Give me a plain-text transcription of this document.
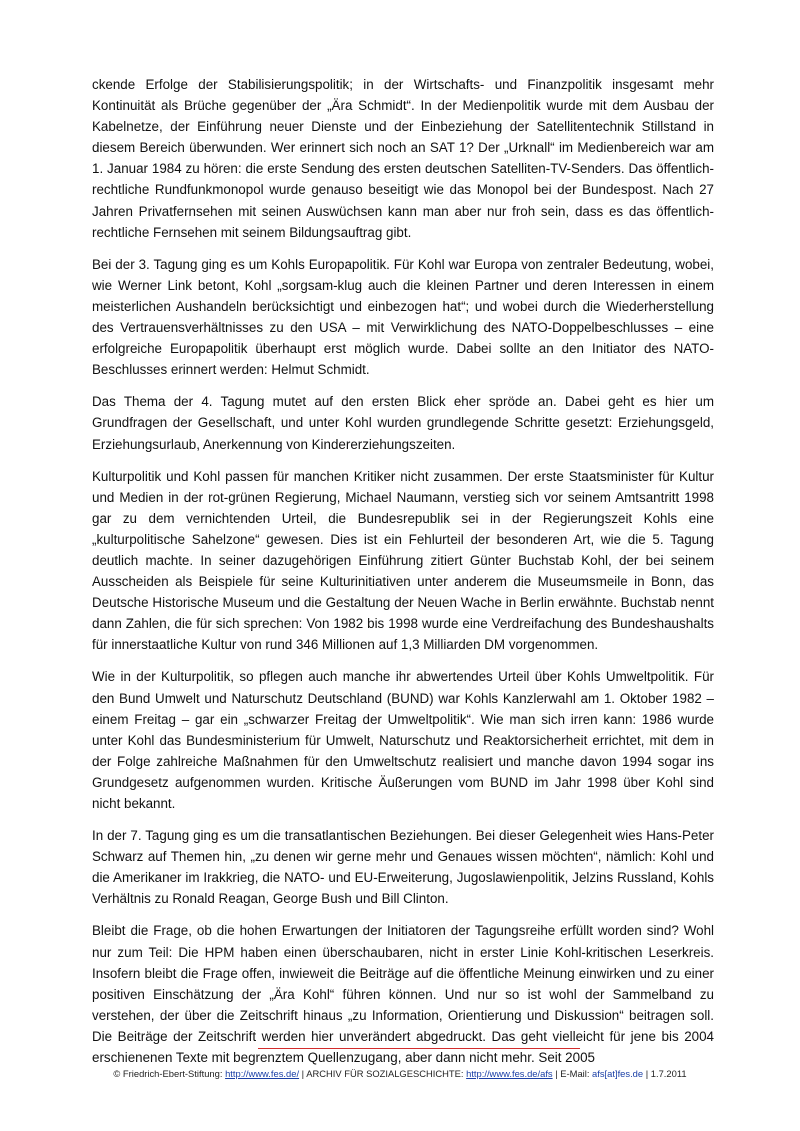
ckende Erfolge der Stabilisierungspolitik; in der Wirtschafts- und Finanzpolitik insgesamt mehr Kontinuität als Brüche gegenüber der „Ära Schmidt“. In der Medienpolitik wurde mit dem Ausbau der Kabelnetze, der Einführung neuer Dienste und der Einbeziehung der Satellitentechnik Stillstand in diesem Bereich überwunden. Wer erinnert sich noch an SAT 1? Der „Urknall“ im Medienbereich war am 1. Januar 1984 zu hören: die erste Sendung des ersten deutschen Satelliten-TV-Senders. Das öffentlich-rechtliche Rundfunkmonopol wurde genauso beseitigt wie das Monopol bei der Bundespost. Nach 27 Jahren Privatfernsehen mit seinen Auswüchsen kann man aber nur froh sein, dass es das öffentlich-rechtliche Fernsehen mit seinem Bildungsauftrag gibt.

Bei der 3. Tagung ging es um Kohls Europapolitik. Für Kohl war Europa von zentraler Bedeutung, wobei, wie Werner Link betont, Kohl „sorgsam-klug auch die kleinen Partner und deren Interessen in einem meisterlichen Aushandeln berücksichtigt und einbezogen hat“; und wobei durch die Wiederherstellung des Vertrauensverhältnisses zu den USA – mit Verwirklichung des NATO-Doppelbeschlusses – eine erfolgreiche Europapolitik überhaupt erst möglich wurde. Dabei sollte an den Initiator des NATO-Beschlusses erinnert werden: Helmut Schmidt.

Das Thema der 4. Tagung mutet auf den ersten Blick eher spröde an. Dabei geht es hier um Grundfragen der Gesellschaft, und unter Kohl wurden grundlegende Schritte gesetzt: Erziehungsgeld, Erziehungsurlaub, Anerkennung von Kindererziehungszeiten.

Kulturpolitik und Kohl passen für manchen Kritiker nicht zusammen. Der erste Staatsminister für Kultur und Medien in der rot-grünen Regierung, Michael Naumann, verstieg sich vor seinem Amtsantritt 1998 gar zu dem vernichtenden Urteil, die Bundesrepublik sei in der Regierungszeit Kohls eine „kulturpolitische Sahelzone“ gewesen. Dies ist ein Fehlurteil der besonderen Art, wie die 5. Tagung deutlich machte. In seiner dazugehörigen Einführung zitiert Günter Buchstab Kohl, der bei seinem Ausscheiden als Beispiele für seine Kulturinitiativen unter anderem die Museumsmeile in Bonn, das Deutsche Historische Museum und die Gestaltung der Neuen Wache in Berlin erwähnte. Buchstab nennt dann Zahlen, die für sich sprechen: Von 1982 bis 1998 wurde eine Verdreifachung des Bundeshaushalts für innerstaatliche Kultur von rund 346 Millionen auf 1,3 Milliarden DM vorgenommen.

Wie in der Kulturpolitik, so pflegen auch manche ihr abwertendes Urteil über Kohls Umweltpolitik. Für den Bund Umwelt und Naturschutz Deutschland (BUND) war Kohls Kanzlerwahl am 1. Oktober 1982 – einem Freitag – gar ein „schwarzer Freitag der Umweltpolitik“. Wie man sich irren kann: 1986 wurde unter Kohl das Bundesministerium für Umwelt, Naturschutz und Reaktorsicherheit errichtet, mit dem in der Folge zahlreiche Maßnahmen für den Umweltschutz realisiert und manche davon 1994 sogar ins Grundgesetz aufgenommen wurden. Kritische Äußerungen vom BUND im Jahr 1998 über Kohl sind nicht bekannt.

In der 7. Tagung ging es um die transatlantischen Beziehungen. Bei dieser Gelegenheit wies Hans-Peter Schwarz auf Themen hin, „zu denen wir gerne mehr und Genaues wissen möchten“, nämlich: Kohl und die Amerikaner im Irakkrieg, die NATO- und EU-Erweiterung, Jugoslawienpolitik, Jelzins Russland, Kohls Verhältnis zu Ronald Reagan, George Bush und Bill Clinton.

Bleibt die Frage, ob die hohen Erwartungen der Initiatoren der Tagungsreihe erfüllt worden sind? Wohl nur zum Teil: Die HPM haben einen überschaubaren, nicht in erster Linie Kohl-kritischen Leserkreis. Insofern bleibt die Frage offen, inwieweit die Beiträge auf die öffentliche Meinung einwirken und zu einer positiven Einschätzung der „Ära Kohl“ führen können. Und nur so ist wohl der Sammelband zu verstehen, der über die Zeitschrift hinaus „zu Information, Orientierung und Diskussion“ beitragen soll. Die Beiträge der Zeitschrift werden hier unverändert abgedruckt. Das geht vielleicht für jene bis 2004 erschienenen Texte mit begrenztem Quellenzugang, aber dann nicht mehr. Seit 2005

© Friedrich-Ebert-Stiftung: http://www.fes.de/ | ARCHIV FÜR SOZIALGESCHICHTE: http://www.fes.de/afs | E-Mail: afs[at]fes.de | 1.7.2011
